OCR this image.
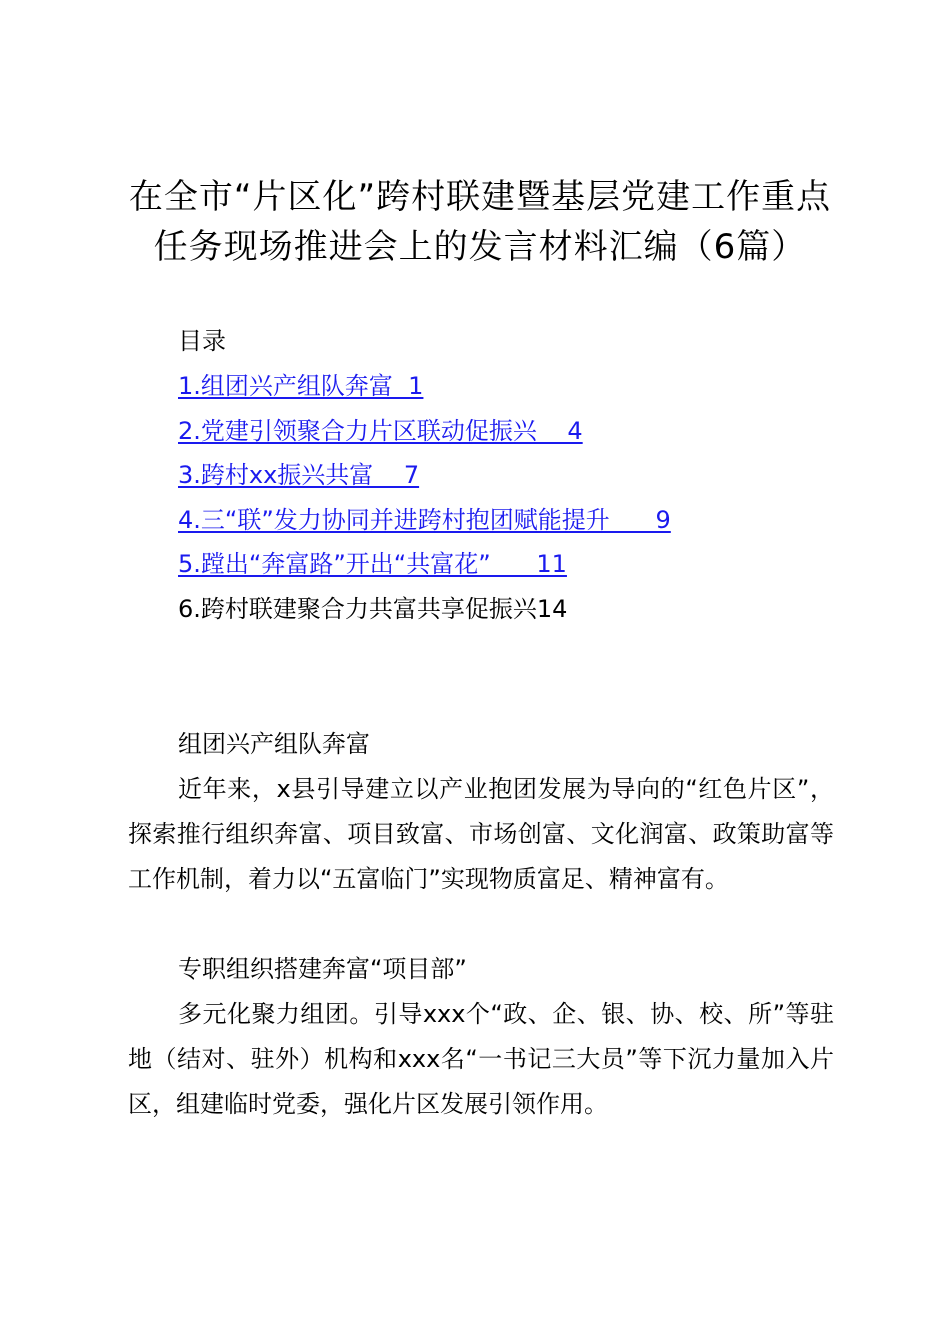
在全市“片区化”跨村联建暨基层党建工作重点任务现场推进会上的发言材料汇编（6篇）
目录
1.组团兴产组队奔富  1
2.党建引领聚合力片区联动促振兴    4
3.跨村xx振兴共富    7
4.三“联”发力协同并进跨村抱团赋能提升      9
5.蹚出“奔富路”开出“共富花”      11
6.跨村联建聚合力共富共享促振兴14
组团兴产组队奔富

近年来，x县引导建立以产业抱团发展为导向的“红色片区”，探索推行组织奔富、项目致富、市场创富、文化润富、政策助富等工作机制，着力以“五富临门”实现物质富足、精神富有。

专职组织搭建奔富“项目部”

多元化聚力组团。引导xxx个“政、企、银、协、校、所”等驻地（结对、驻外）机构和xxx名“一书记三大员”等下沉力量加入片区，组建临时党委，强化片区发展引领作用。
